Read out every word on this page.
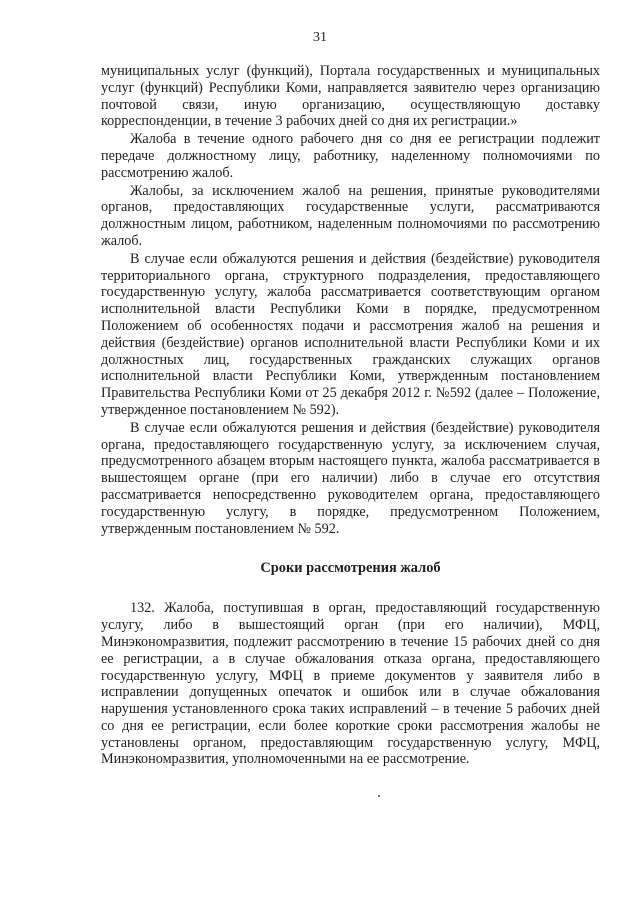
31

муниципальных услуг (функций), Портала государственных и муниципальных услуг (функций) Республики Коми, направляется заявителю через организацию почтовой связи, иную организацию, осуществляющую доставку корреспонденции, в течение 3 рабочих дней со дня их регистрации.»

Жалоба в течение одного рабочего дня со дня ее регистрации подлежит передаче должностному лицу, работнику, наделенному полномочиями по рассмотрению жалоб.

Жалобы, за исключением жалоб на решения, принятые руководителями органов, предоставляющих государственные услуги, рассматриваются должностным лицом, работником, наделенным полномочиями по рассмотрению жалоб.

В случае если обжалуются решения и действия (бездействие) руководителя территориального органа, структурного подразделения, предоставляющего государственную услугу, жалоба рассматривается соответствующим органом исполнительной власти Республики Коми в порядке, предусмотренном Положением об особенностях подачи и рассмотрения жалоб на решения и действия (бездействие) органов исполнительной власти Республики Коми и их должностных лиц, государственных гражданских служащих органов исполнительной власти Республики Коми, утвержденным постановлением Правительства Республики Коми от 25 декабря 2012 г. №592 (далее – Положение, утвержденное постановлением № 592).

В случае если обжалуются решения и действия (бездействие) руководителя органа, предоставляющего государственную услугу, за исключением случая, предусмотренного абзацем вторым настоящего пункта, жалоба рассматривается в вышестоящем органе (при его наличии) либо в случае его отсутствия рассматривается непосредственно руководителем органа, предоставляющего государственную услугу, в порядке, предусмотренном Положением, утвержденным постановлением № 592.

Сроки рассмотрения жалоб

132. Жалоба, поступившая в орган, предоставляющий государственную услугу, либо в вышестоящий орган (при его наличии), МФЦ, Минэкономразвития, подлежит рассмотрению в течение 15 рабочих дней со дня ее регистрации, а в случае обжалования отказа органа, предоставляющего государственную услугу, МФЦ в приеме документов у заявителя либо в исправлении допущенных опечаток и ошибок или в случае обжалования нарушения установленного срока таких исправлений – в течение 5 рабочих дней со дня ее регистрации, если более короткие сроки рассмотрения жалобы не установлены органом, предоставляющим государственную услугу, МФЦ, Минэкономразвития, уполномоченными на ее рассмотрение.
